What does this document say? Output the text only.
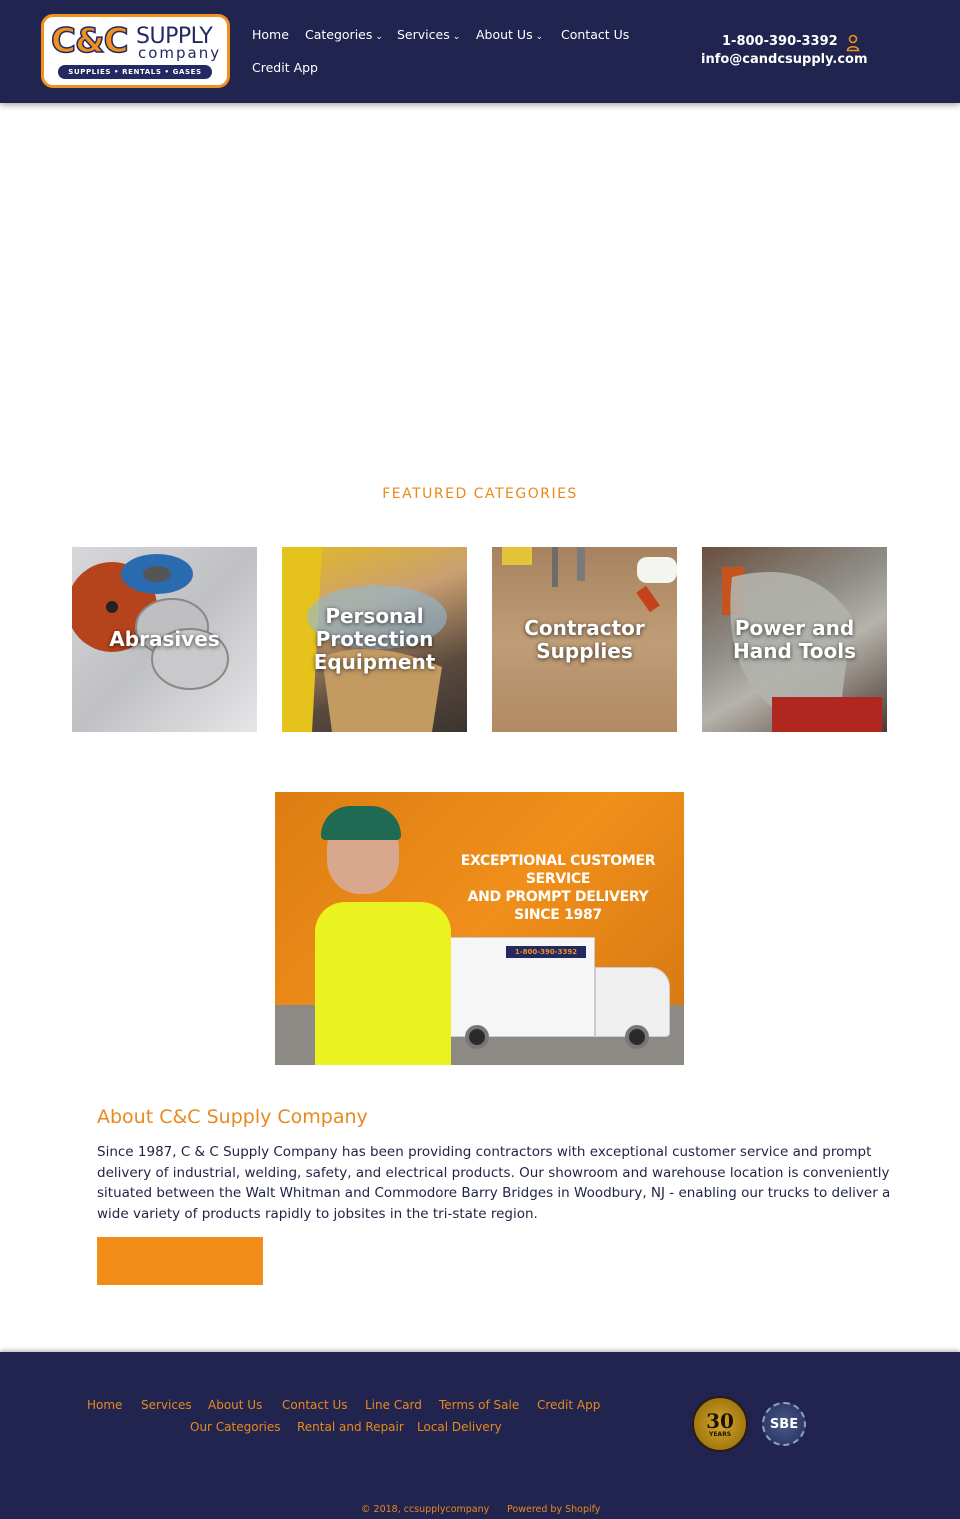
C&C SUPPLY
company
SUPPLIES • RENTALS • GASES
Home Categories ⌄ Services ⌄ About Us ⌄ Contact Us
Credit App
1-800-390-3392
info@candcsupply.com
FEATURED CATEGORIES
Abrasives
Personal Protection Equipment
Contractor Supplies
Power and Hand Tools
EXCEPTIONAL CUSTOMER SERVICE
AND PROMPT DELIVERY SINCE 1987
1-800-390-3392
About C&C Supply Company
Since 1987, C & C Supply Company has been providing contractors with exceptional customer service and prompt delivery of industrial, welding, safety, and electrical products. Our showroom and warehouse location is conveniently situated between the Walt Whitman and Commodore Barry Bridges in Woodbury, NJ - enabling our trucks to deliver a wide variety of products rapidly to jobsites in the tri-state region.
Home Services About Us Contact Us Line Card Terms of Sale Credit App
Our Categories Rental and Repair Local Delivery	30
YEARS
SBE
© 2018, ccsupplycompany Powered by Shopify
